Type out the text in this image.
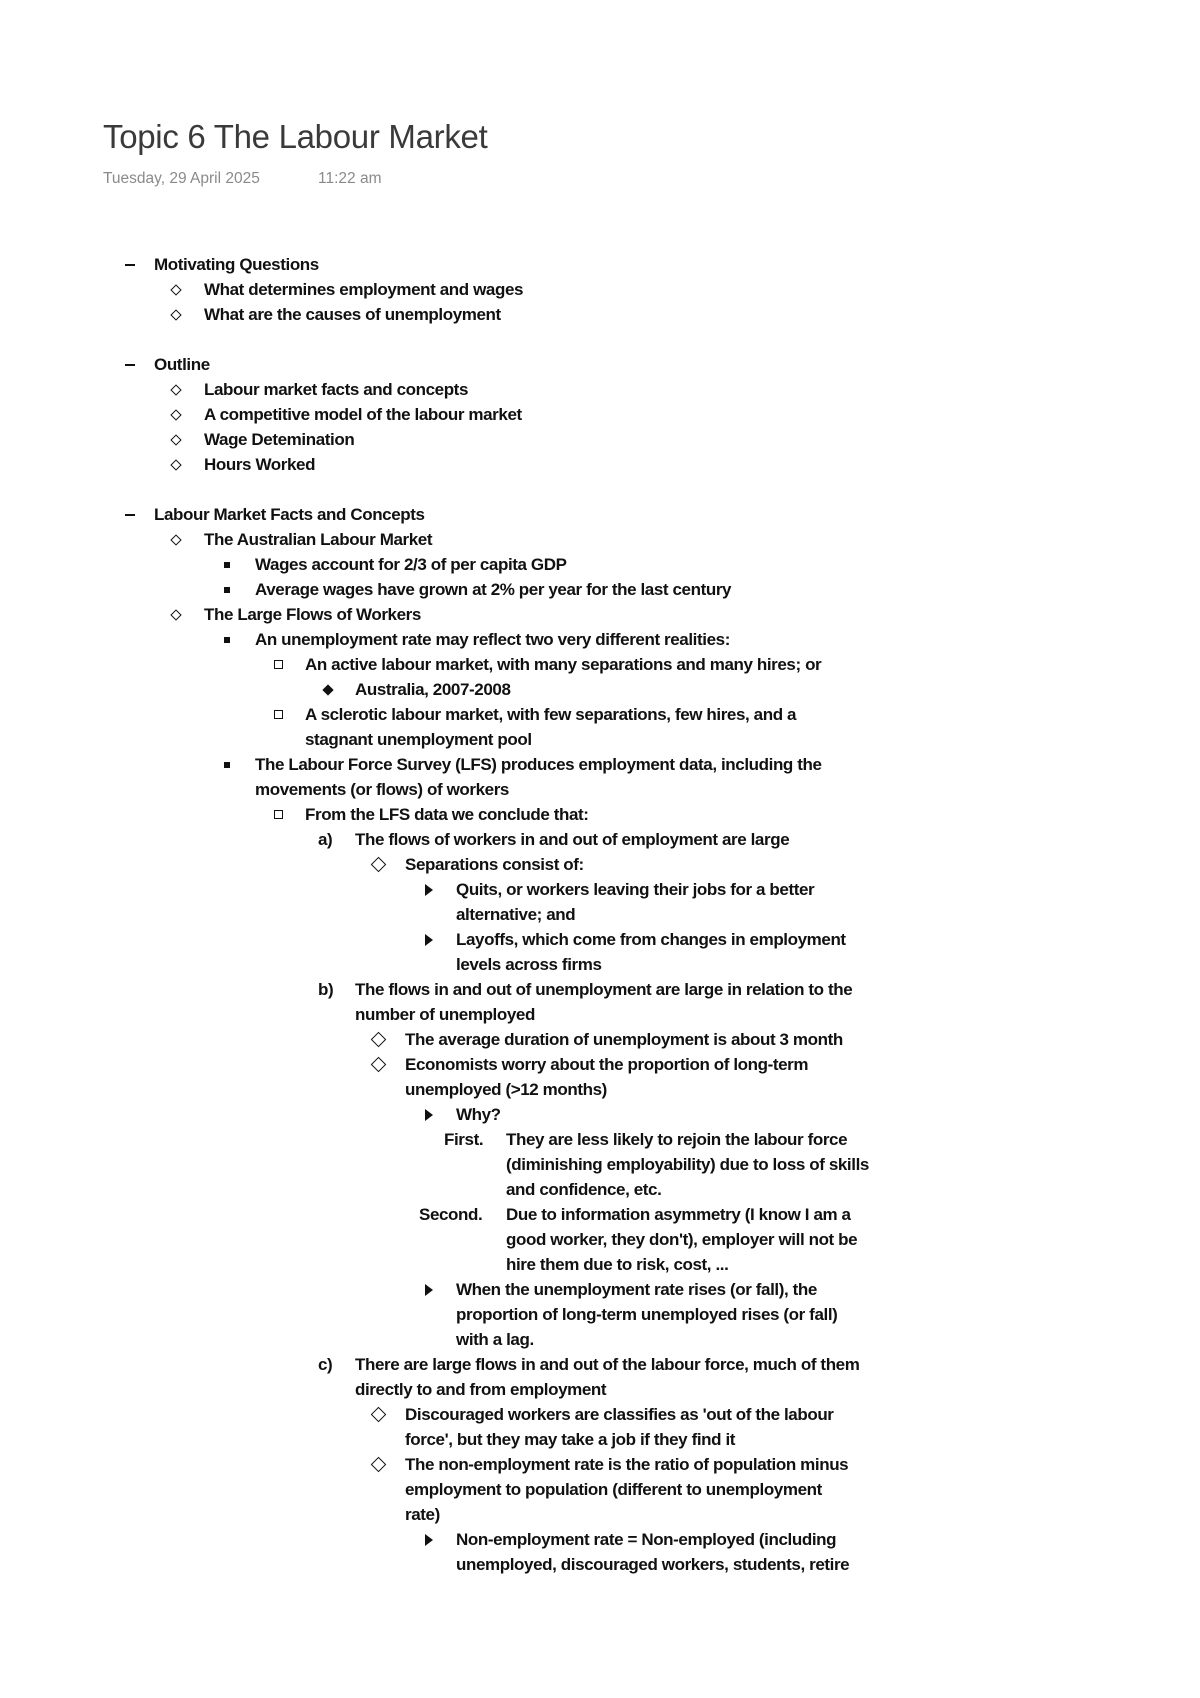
Topic 6 The Labour Market
Tuesday, 29 April 2025	11:22 am
Motivating Questions
What determines employment and wages
What are the causes of unemployment
Outline
Labour market facts and concepts
A competitive model of the labour market
Wage Detemination
Hours Worked
Labour Market Facts and Concepts
The Australian Labour Market
Wages account for 2/3 of per capita GDP
Average wages have grown at 2% per year for the last century
The Large Flows of Workers
An unemployment rate may reflect two very different realities:
An active labour market, with many separations and many hires; or
Australia, 2007-2008
A sclerotic labour market, with few separations, few hires, and a
stagnant unemployment pool
The Labour Force Survey (LFS) produces employment data, including the
movements (or flows) of workers
From the LFS data we conclude that:
a) The flows of workers in and out of employment are large
Separations consist of:
Quits, or workers leaving their jobs for a better
alternative; and
Layoffs, which come from changes in employment
levels across firms
b) The flows in and out of unemployment are large in relation to the
number of unemployed
The average duration of unemployment is about 3 month
Economists worry about the proportion of long-term
unemployed (>12 months)
Why?
First. They are less likely to rejoin the labour force
(diminishing employability) due to loss of skills
and confidence, etc.
Second. Due to information asymmetry (I know I am a
good worker, they don't), employer will not be
hire them due to risk, cost, ...
When the unemployment rate rises (or fall), the
proportion of long-term unemployed rises (or fall)
with a lag.
c) There are large flows in and out of the labour force, much of them
directly to and from employment
Discouraged workers are classifies as 'out of the labour
force', but they may take a job if they find it
The non-employment rate is the ratio of population minus
employment to population (different to unemployment
rate)
Non-employment rate = Non-employed (including
unemployed, discouraged workers, students, retire
